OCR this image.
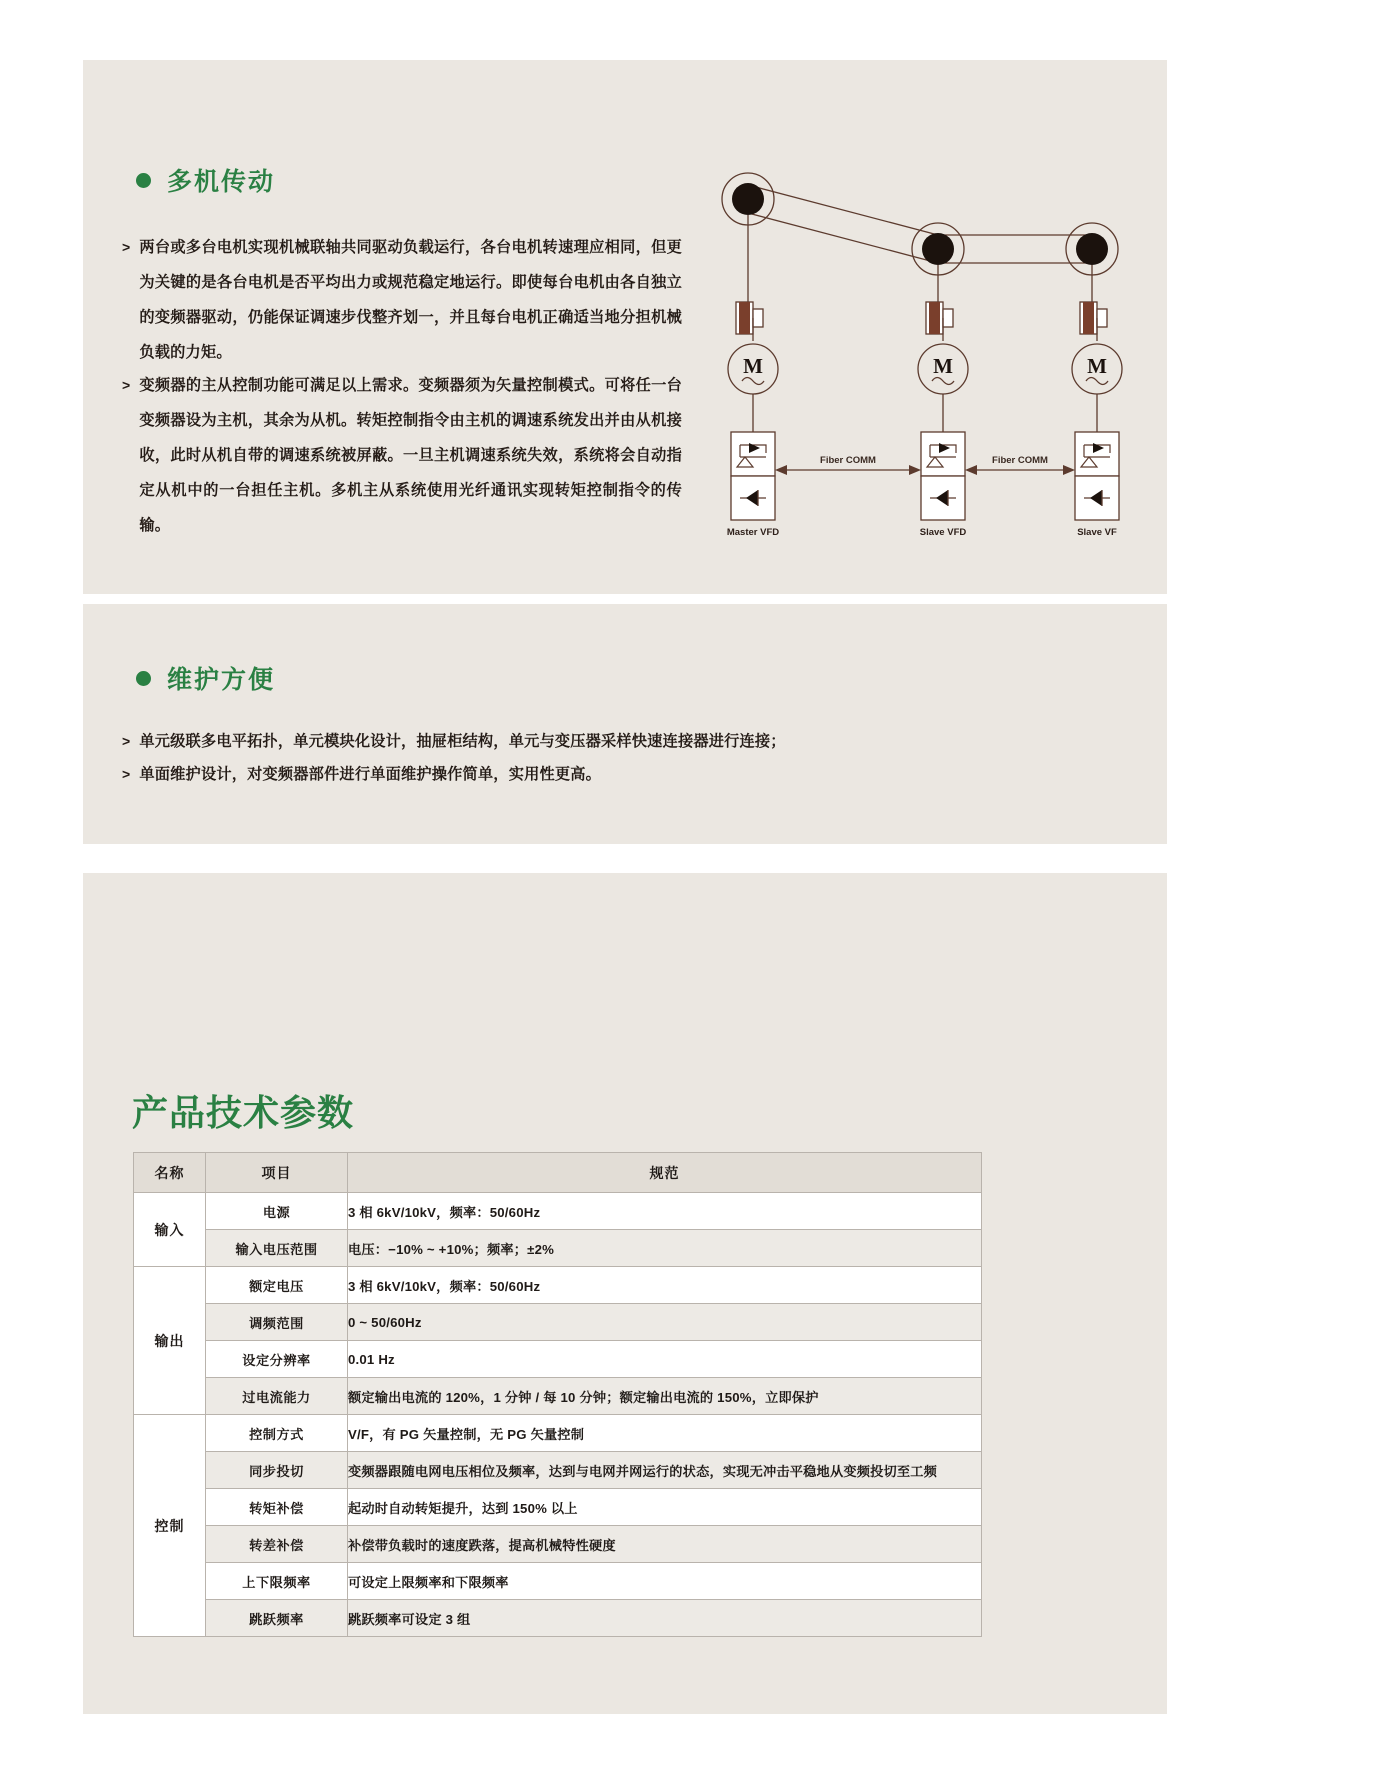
多机传动
> 两台或多台电机实现机械联轴共同驱动负载运行，各台电机转速理应相同，但更为关键的是各台电机是否平均出力或规范稳定地运行。即使每台电机由各自独立的变频器驱动，仍能保证调速步伐整齐划一，并且每台电机正确适当地分担机械负载的力矩。
> 变频器的主从控制功能可满足以上需求。变频器须为矢量控制模式。可将任一台变频器设为主机，其余为从机。转矩控制指令由主机的调速系统发出并由从机接收，此时从机自带的调速系统被屏蔽。一旦主机调速系统失效，系统将会自动指定从机中的一台担任主机。多机主从系统使用光纤通讯实现转矩控制指令的传输。
Fiber COMM	Fiber COMM
M	M	M
Master VFD	Slave VFD	Slave VF
维护方便
> 单元级联多电平拓扑，单元模块化设计，抽屉柜结构，单元与变压器采样快速连接器进行连接；
> 单面维护设计，对变频器部件进行单面维护操作简单，实用性更高。
产品技术参数
名称	项目	规范
输入	电源	3 相 6kV/10kV，频率：50/60Hz
	输入电压范围	电压：−10% ~ +10%；频率；±2%
输出	额定电压	3 相 6kV/10kV，频率：50/60Hz
	调频范围	0 ~ 50/60Hz
	设定分辨率	0.01 Hz
	过电流能力	额定输出电流的 120%，1 分钟 / 每 10 分钟；额定输出电流的 150%，立即保护
控制	控制方式	V/F，有 PG 矢量控制，无 PG 矢量控制
	同步投切	变频器跟随电网电压相位及频率，达到与电网并网运行的状态，实现无冲击平稳地从变频投切至工频
	转矩补偿	起动时自动转矩提升，达到 150% 以上
	转差补偿	补偿带负载时的速度跌落，提高机械特性硬度
	上下限频率	可设定上限频率和下限频率
	跳跃频率	跳跃频率可设定 3 组
